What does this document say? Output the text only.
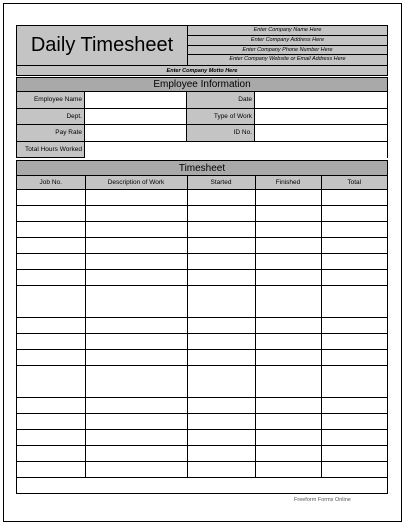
Daily Timesheet
Enter Company Name Here
Enter Company Address Here
Enter Company Phone Number Here
Enter Company Website or Email Address Here
Enter Company Motto Here
Employee Information
Employee Name	Date
Dept.	Type of Work
Pay Rate	ID No.
Total Hours Worked
Timesheet				
Job No.	Description of Work	Started	Finished	Total

Freeform Forms Online
